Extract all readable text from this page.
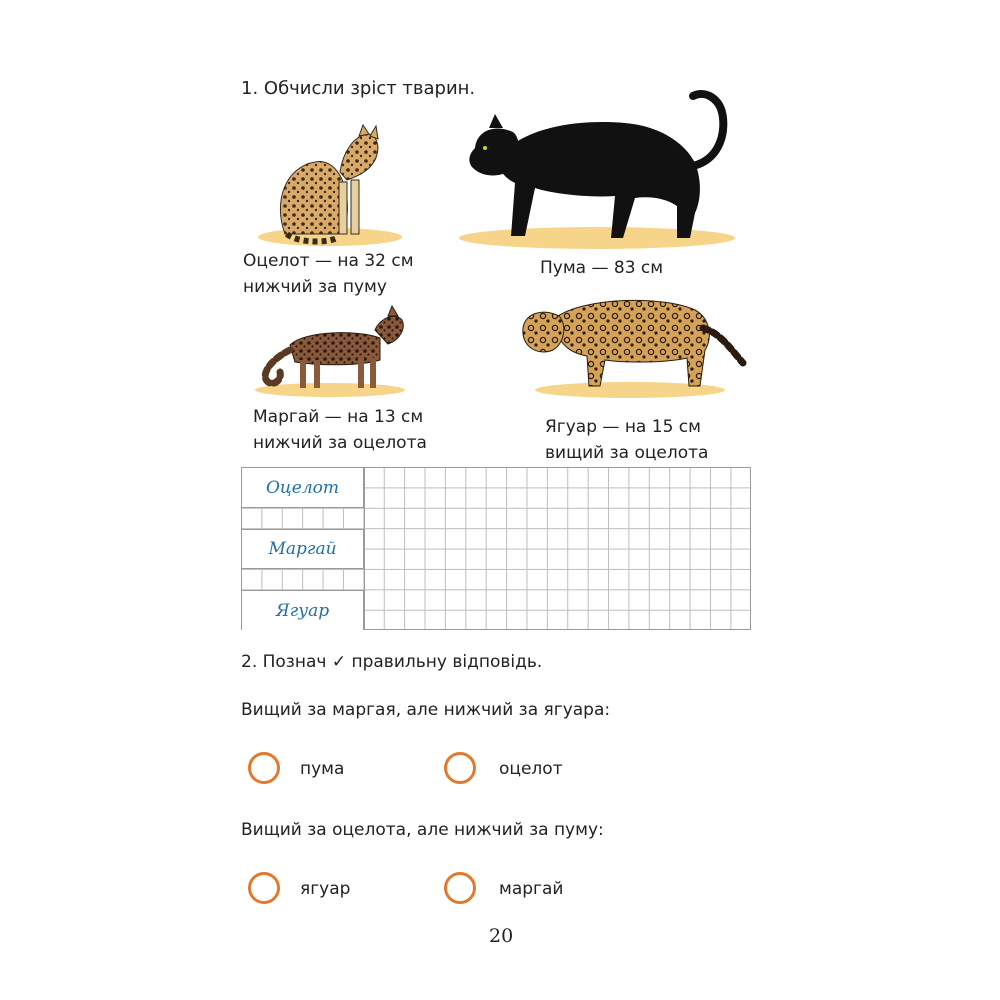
1. Обчисли зріст тварин.
Оцелот — на 32 см
нижчий за пуму
Пума — 83 см
Маргай — на 13 см
нижчий за оцелота
Ягуар — на 15 см
вищий за оцелота
Оцелот
Маргай
Ягуар
2. Познач ✓ правильну відповідь.
Вищий за маргая, але нижчий за ягуара:
пума	оцелот
Вищий за оцелота, але нижчий за пуму:
ягуар	маргай
20
